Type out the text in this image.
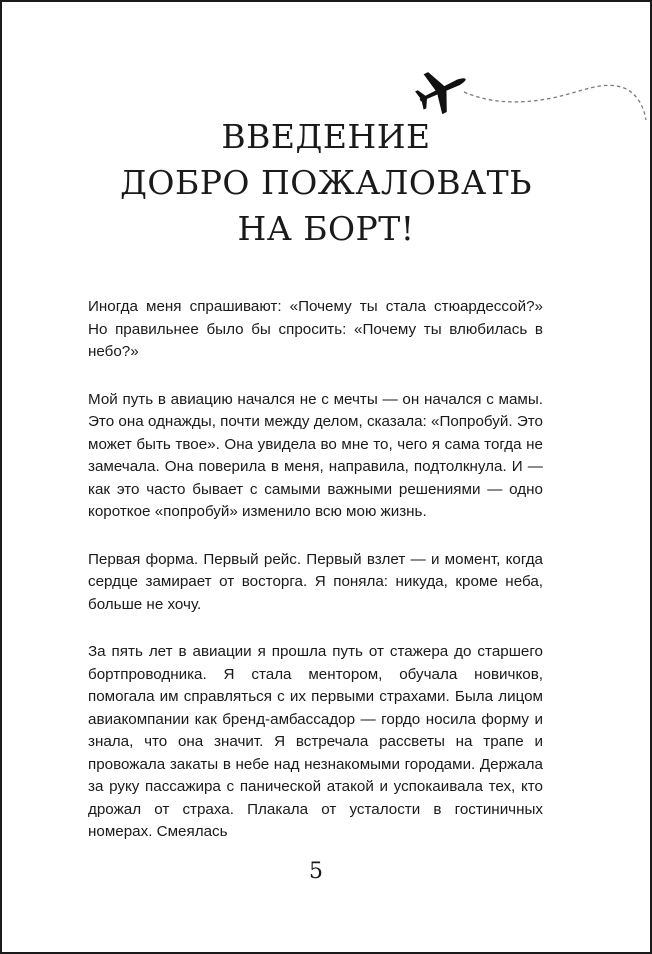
ВВЕДЕНИЕ
ДОБРО ПОЖАЛОВАТЬ
НА БОРТ!

Иногда меня спрашивают: «Почему ты стала стюардессой?» Но правильнее было бы спросить: «Почему ты влюбилась в небо?»

Мой путь в авиацию начался не с мечты — он начался с мамы. Это она однажды, почти между делом, сказала: «Попробуй. Это может быть твое». Она увидела во мне то, чего я сама тогда не замечала. Она поверила в меня, направила, подтолкнула. И — как это часто бывает с самыми важными решениями — одно короткое «попробуй» изменило всю мою жизнь.

Первая форма. Первый рейс. Первый взлет — и момент, когда сердце замирает от восторга. Я поняла: никуда, кроме неба, больше не хочу.

За пять лет в авиации я прошла путь от стажера до старшего бортпроводника. Я стала ментором, обучала новичков, помогала им справляться с их первыми страхами. Была лицом авиакомпании как бренд-амбассадор — гордо носила форму и знала, что она значит. Я встречала рассветы на трапе и провожала закаты в небе над незнакомыми городами. Держала за руку пассажира с панической атакой и успокаивала тех, кто дрожал от страха. Плакала от усталости в гостиничных номерах. Смеялась

5
